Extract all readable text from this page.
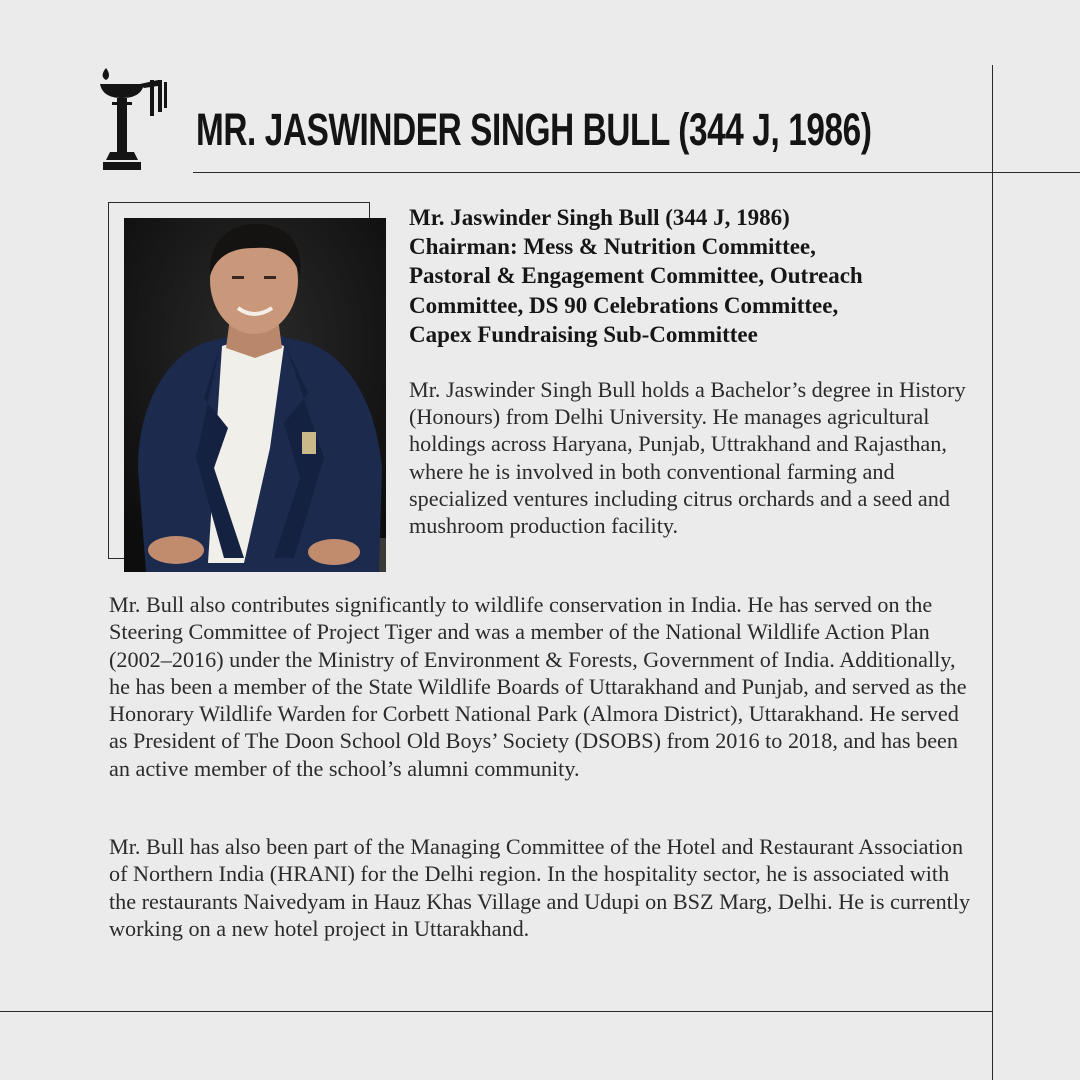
MR. JASWINDER SINGH BULL (344 J, 1986)
Mr. Jaswinder Singh Bull (344 J, 1986)
Chairman: Mess & Nutrition Committee,
Pastoral & Engagement Committee, Outreach
Committee, DS 90 Celebrations Committee,
Capex Fundraising Sub-Committee

Mr. Jaswinder Singh Bull holds a Bachelor’s degree in History (Honours) from Delhi University. He manages agricultural holdings across Haryana, Punjab, Uttrakhand and Rajasthan, where he is involved in both conventional farming and specialized ventures including citrus orchards and a seed and mushroom production facility.

Mr. Bull also contributes significantly to wildlife conservation in India. He has served on the Steering Committee of Project Tiger and was a member of the National Wildlife Action Plan (2002–2016) under the Ministry of Environment & Forests, Government of India. Additionally, he has been a member of the State Wildlife Boards of Uttarakhand and Punjab, and served as the Honorary Wildlife Warden for Corbett National Park (Almora District), Uttarakhand. He served as President of The Doon School Old Boys’ Society (DSOBS) from 2016 to 2018, and has been an active member of the school’s alumni community.

Mr. Bull has also been part of the Managing Committee of the Hotel and Restaurant Association of Northern India (HRANI) for the Delhi region. In the hospitality sector, he is associated with the restaurants Naivedyam in Hauz Khas Village and Udupi on BSZ Marg, Delhi. He is currently working on a new hotel project in Uttarakhand.
